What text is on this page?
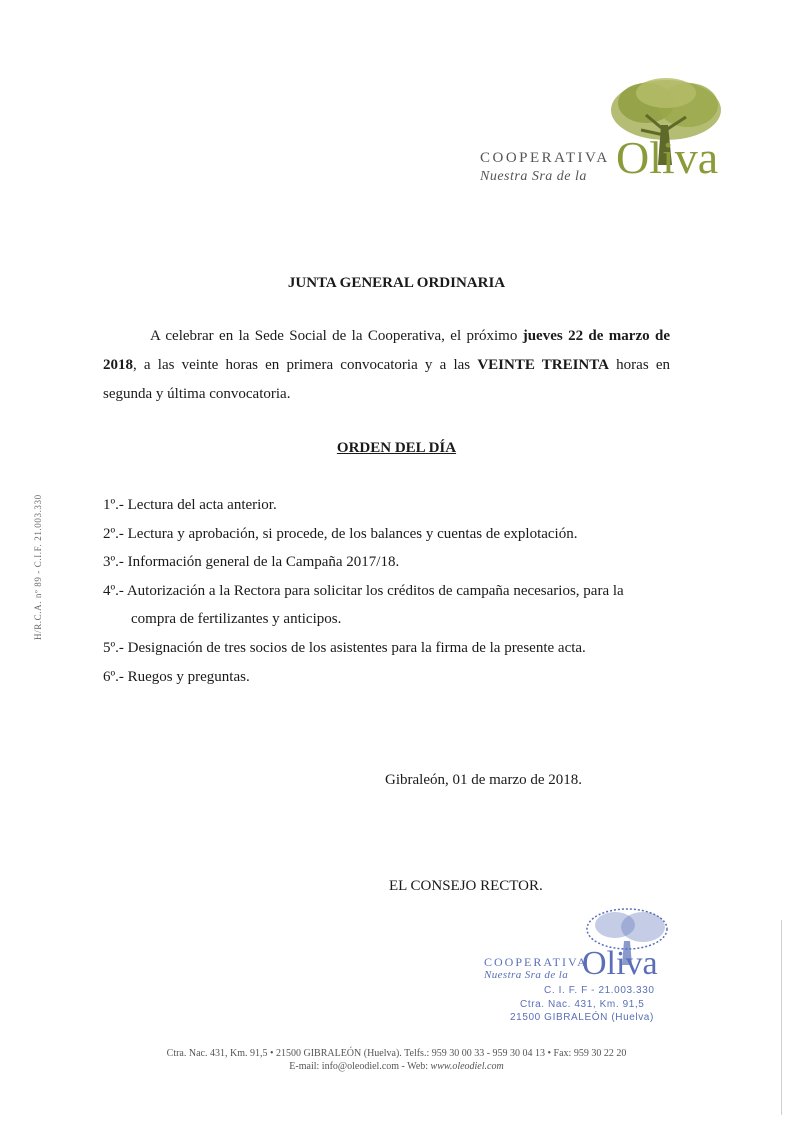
COOPERATIVA
Nuestra Sra de la Oliva
H/R.C.A. nº 89 - C.I.F. 21.003.330
JUNTA GENERAL ORDINARIA
A celebrar en la Sede Social de la Cooperativa, el próximo jueves 22 de marzo de 2018, a las veinte horas en primera convocatoria y a las VEINTE TREINTA horas en segunda y última convocatoria.
ORDEN DEL DÍA
1º.- Lectura del acta anterior.
2º.- Lectura y aprobación, si procede, de los balances y cuentas de explotación.
3º.- Información general de la Campaña 2017/18.
4º.- Autorización a la Rectora para solicitar los créditos de campaña necesarios, para la
compra de fertilizantes y anticipos.
5º.- Designación de tres socios de los asistentes para la firma de la presente acta.
6º.- Ruegos y preguntas.
Gibraleón, 01 de marzo de 2018.
EL CONSEJO RECTOR.
COOPERATIVA
Nuestra Sra de la Oliva
C. I. F. F - 21.003.330
Ctra. Nac. 431, Km. 91,5
21500 GIBRALEÓN (Huelva)
Ctra. Nac. 431, Km. 91,5 • 21500 GIBRALEÓN (Huelva). Telfs.: 959 30 00 33 - 959 30 04 13 • Fax: 959 30 22 20
E-mail: info@oleodiel.com - Web: www.oleodiel.com
